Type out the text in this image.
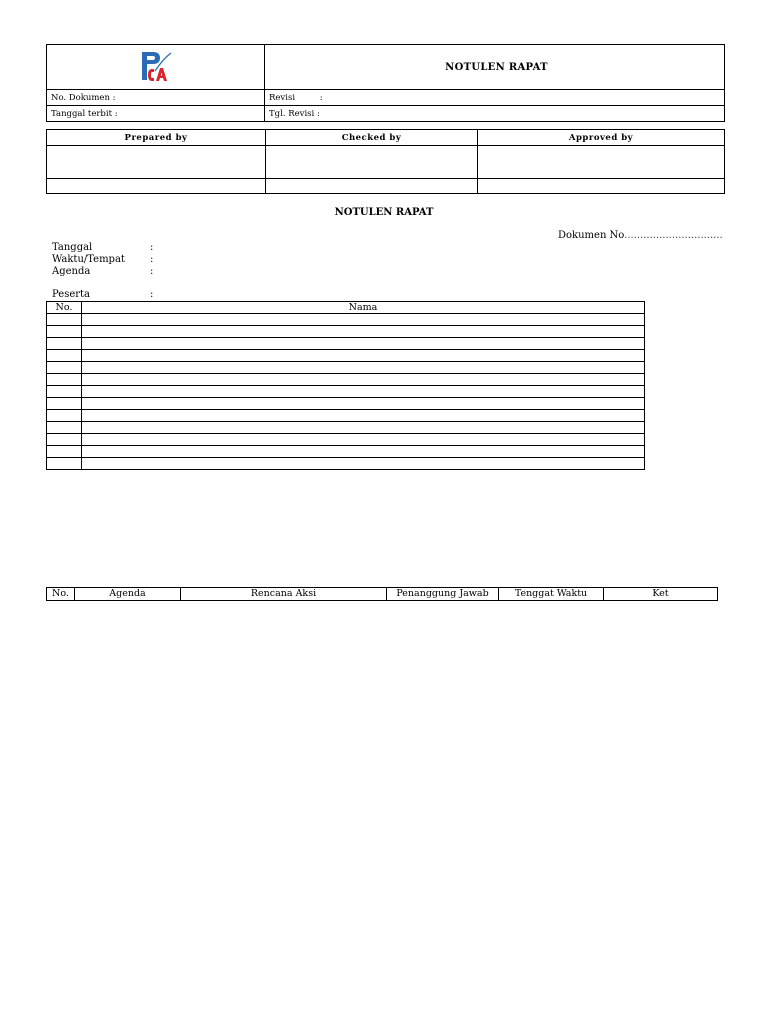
	NOTULEN RAPAT
No. Dokumen :	Revisi :
Tanggal terbit :	Tgl. Revisi :
Prepared by	Checked by	Approved by

NOTULEN RAPAT
Dokumen No...............................
Tanggal	:
Waktu/Tempat	:
Agenda	:
Peserta	:
No.	Nama

No.	Agenda	Rencana Aksi	Penanggung Jawab	Tenggat Waktu	Ket
